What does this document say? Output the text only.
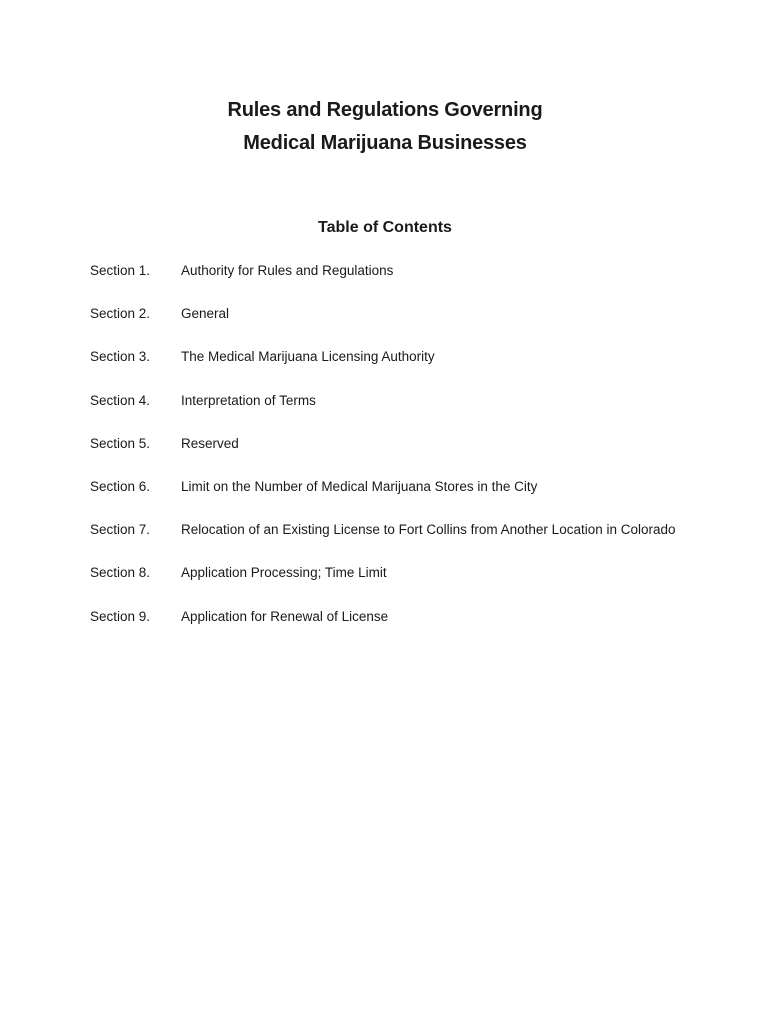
Rules and Regulations Governing
Medical Marijuana Businesses
Table of Contents
Section 1.	Authority for Rules and Regulations
Section 2.	General
Section 3.	The Medical Marijuana Licensing Authority
Section 4.	Interpretation of Terms
Section 5.	Reserved
Section 6.	Limit on the Number of Medical Marijuana Stores in the City
Section 7.	Relocation of an Existing License to Fort Collins from Another Location in Colorado
Section 8.	Application Processing; Time Limit
Section 9.	Application for Renewal of License
